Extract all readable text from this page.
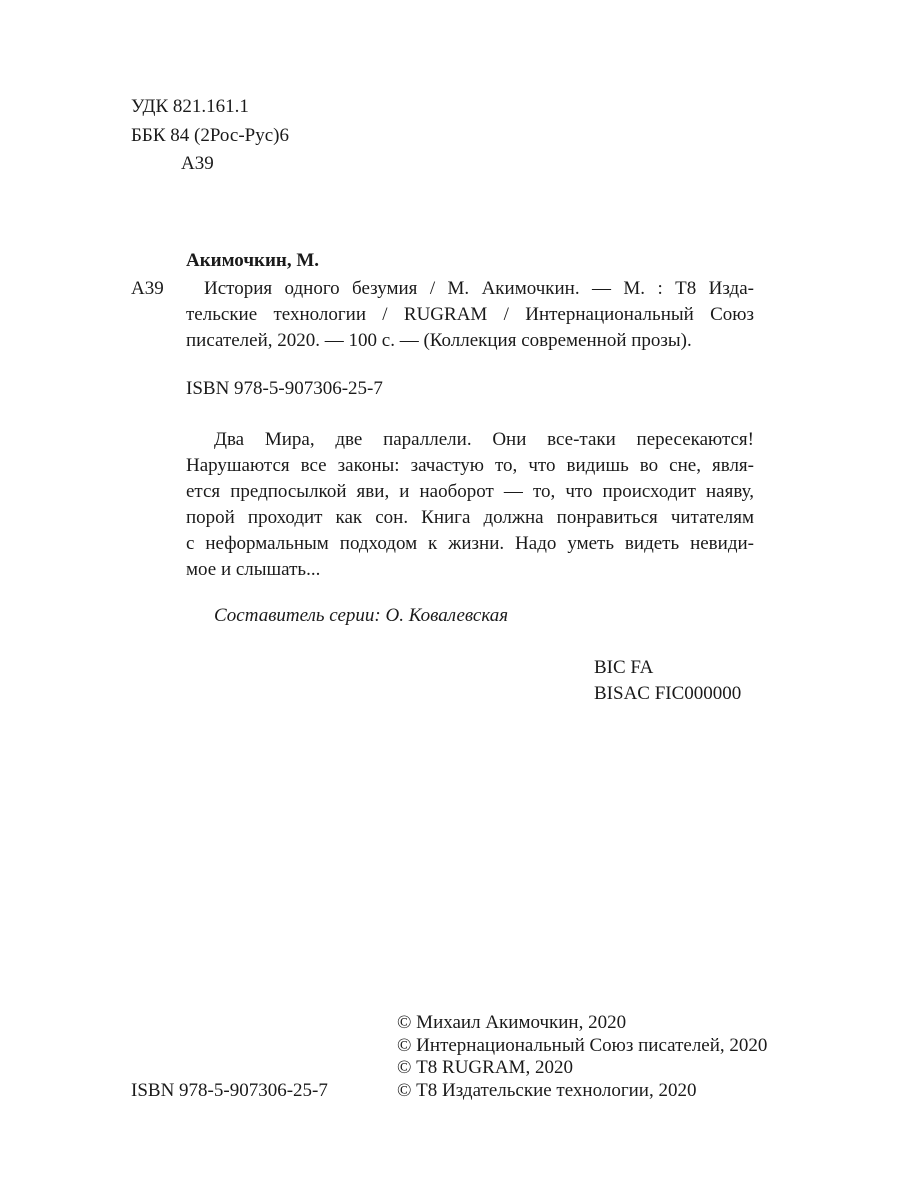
УДК 821.161.1
ББК 84 (2Рос-Рус)6
А39
Акимочкин, М.
А39	История одного безумия / М. Акимочкин. — М. : Т8 Изда-
тельские технологии / RUGRAM / Интернациональный Союз
писателей, 2020. — 100 с. — (Коллекция современной прозы).
ISBN 978-5-907306-25-7
Два Мира, две параллели. Они все-таки пересекаются!
Нарушаются все законы: зачастую то, что видишь во сне, явля-
ется предпосылкой яви, и наоборот — то, что происходит наяву,
порой проходит как сон. Книга должна понравиться читателям
с неформальным подходом к жизни. Надо уметь видеть невиди-
мое и слышать...
Составитель серии: О. Ковалевская
BIC FA
BISAC FIC000000
ISBN 978-5-907306-25-7
© Михаил Акимочкин, 2020
© Интернациональный Союз писателей, 2020
© Т8 RUGRAM, 2020
© Т8 Издательские технологии, 2020
